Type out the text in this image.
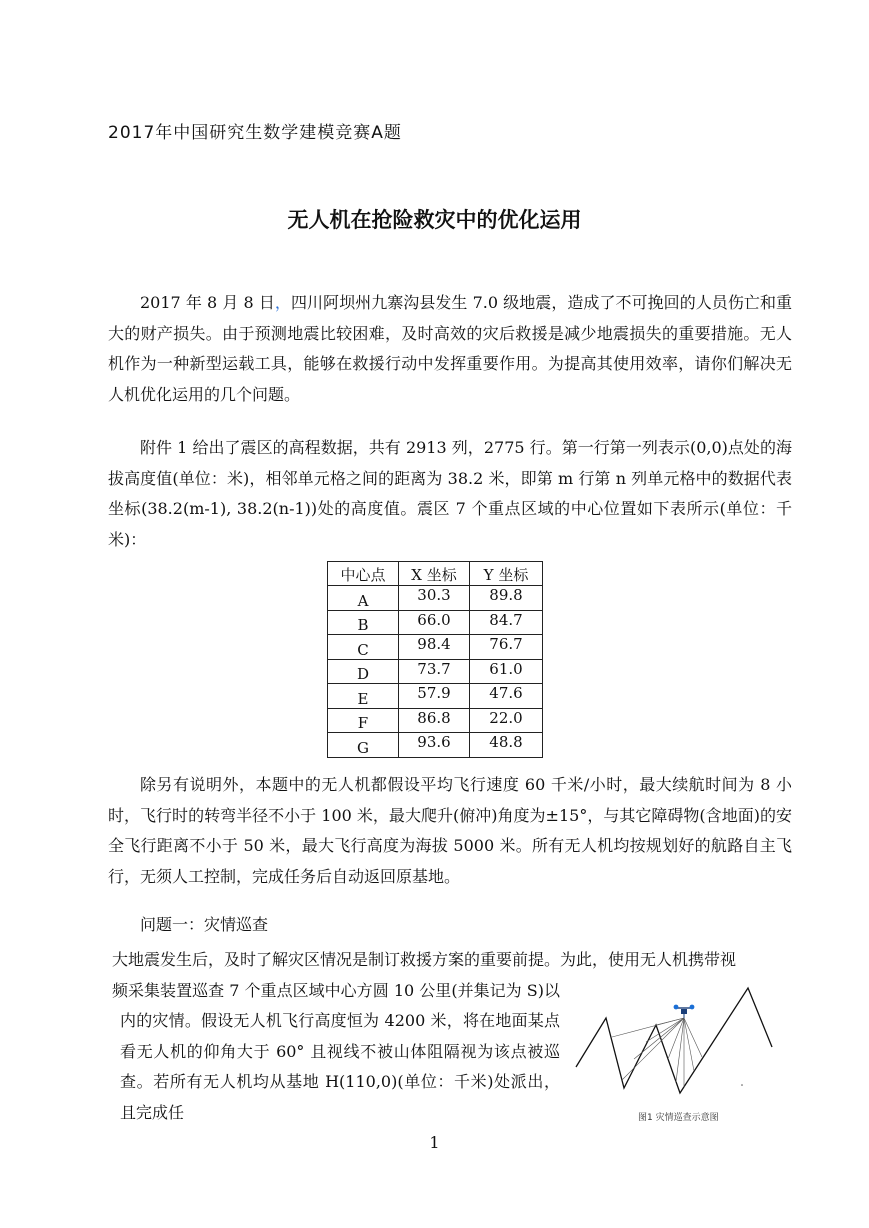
2017年中国研究生数学建模竞赛A题
无人机在抢险救灾中的优化运用

2017 年 8 月 8 日，四川阿坝州九寨沟县发生 7.0 级地震，造成了不可挽回的人员伤亡和重大的财产损失。由于预测地震比较困难，及时高效的灾后救援是减少地震损失的重要措施。无人机作为一种新型运载工具，能够在救援行动中发挥重要作用。为提高其使用效率，请你们解决无人机优化运用的几个问题。

附件 1 给出了震区的高程数据，共有 2913 列，2775 行。第一行第一列表示(0,0)点处的海拔高度值(单位：米)，相邻单元格之间的距离为 38.2 米，即第 m 行第 n 列单元格中的数据代表坐标(38.2(m-1), 38.2(n-1))处的高度值。震区 7 个重点区域的中心位置如下表所示(单位：千米)：

中心点	X 坐标	Y 坐标
A	30.3	89.8
B	66.0	84.7
C	98.4	76.7
D	73.7	61.0
E	57.9	47.6
F	86.8	22.0
G	93.6	48.8

除另有说明外，本题中的无人机都假设平均飞行速度 60 千米/小时，最大续航时间为 8 小时，飞行时的转弯半径不小于 100 米，最大爬升(俯冲)角度为±15°，与其它障碍物(含地面)的安全飞行距离不小于 50 米，最大飞行高度为海拔 5000 米。所有无人机均按规划好的航路自主飞行，无须人工控制，完成任务后自动返回原基地。

问题一：灾情巡查

大地震发生后，及时了解灾区情况是制订救援方案的重要前提。为此，使用无人机携带视
频采集装置巡查 7 个重点区域中心方圆 10 公里(并集记为 S)以内的灾情。假设无人机飞行高度恒为 4200 米，将在地面某点看无人机的仰角大于 60° 且视线不被山体阻隔视为该点被巡查。若所有无人机均从基地 H(110,0)(单位：千米)处派出，且完成任	图1 灾情巡查示意图
1
